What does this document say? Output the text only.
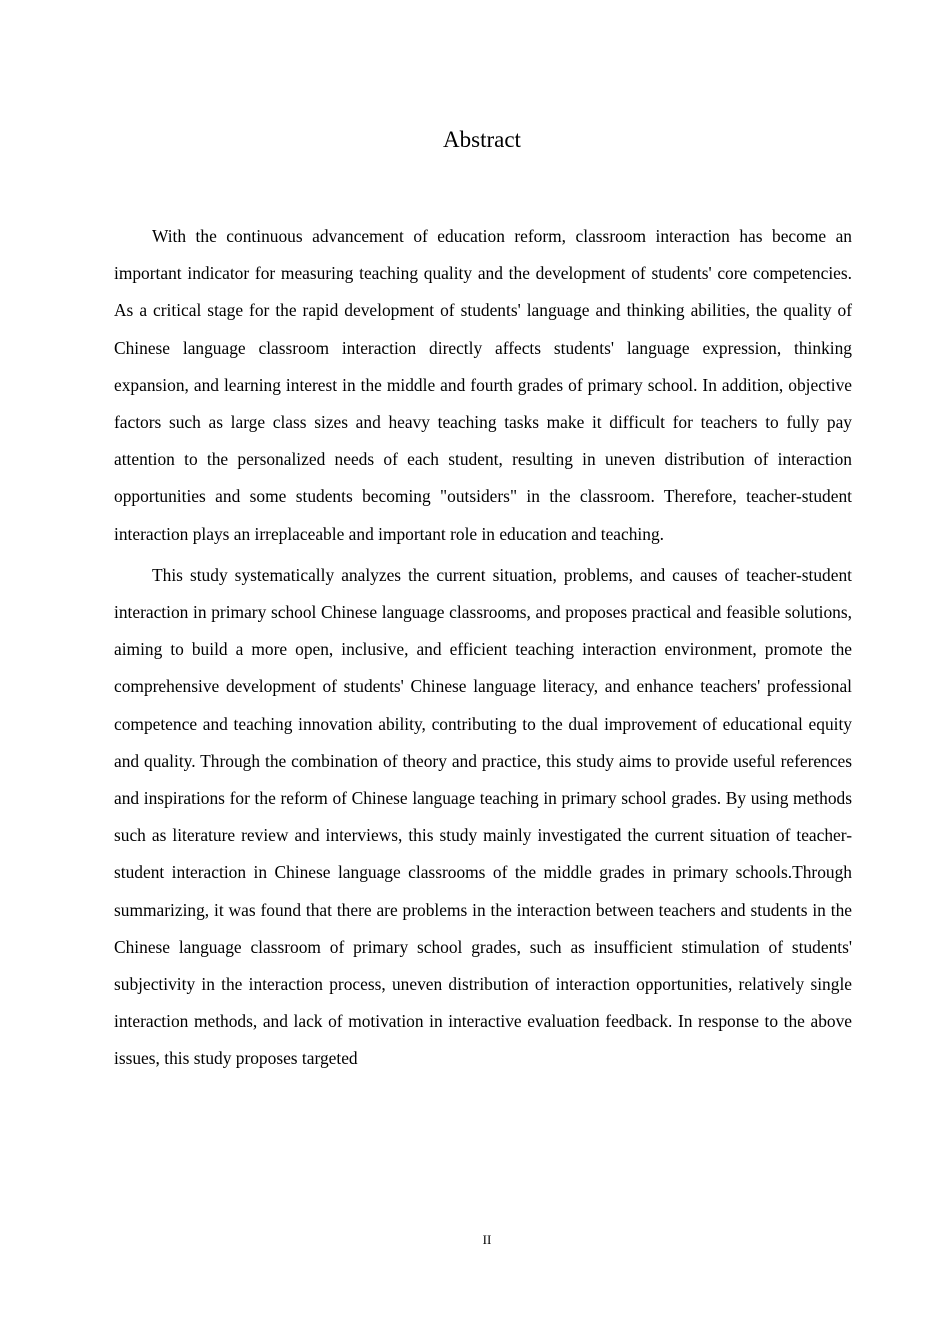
Abstract

With the continuous advancement of education reform, classroom interaction has become an important indicator for measuring teaching quality and the development of students' core competencies. As a critical stage for the rapid development of students' language and thinking abilities, the quality of Chinese language classroom interaction directly affects students' language expression, thinking expansion, and learning interest in the middle and fourth grades of primary school. In addition, objective factors such as large class sizes and heavy teaching tasks make it difficult for teachers to fully pay attention to the personalized needs of each student, resulting in uneven distribution of interaction opportunities and some students becoming "outsiders" in the classroom. Therefore, teacher-student interaction plays an irreplaceable and important role in education and teaching.

This study systematically analyzes the current situation, problems, and causes of teacher-student interaction in primary school Chinese language classrooms, and proposes practical and feasible solutions, aiming to build a more open, inclusive, and efficient teaching interaction environment, promote the comprehensive development of students' Chinese language literacy, and enhance teachers' professional competence and teaching innovation ability, contributing to the dual improvement of educational equity and quality. Through the combination of theory and practice, this study aims to provide useful references and inspirations for the reform of Chinese language teaching in primary school grades. By using methods such as literature review and interviews, this study mainly investigated the current situation of teacher-student interaction in Chinese language classrooms of the middle grades in primary schools.Through summarizing, it was found that there are problems in the interaction between teachers and students in the Chinese language classroom of primary school grades, such as insufficient stimulation of students' subjectivity in the interaction process, uneven distribution of interaction opportunities, relatively single interaction methods, and lack of motivation in interactive evaluation feedback. In response to the above issues, this study proposes targeted

II
